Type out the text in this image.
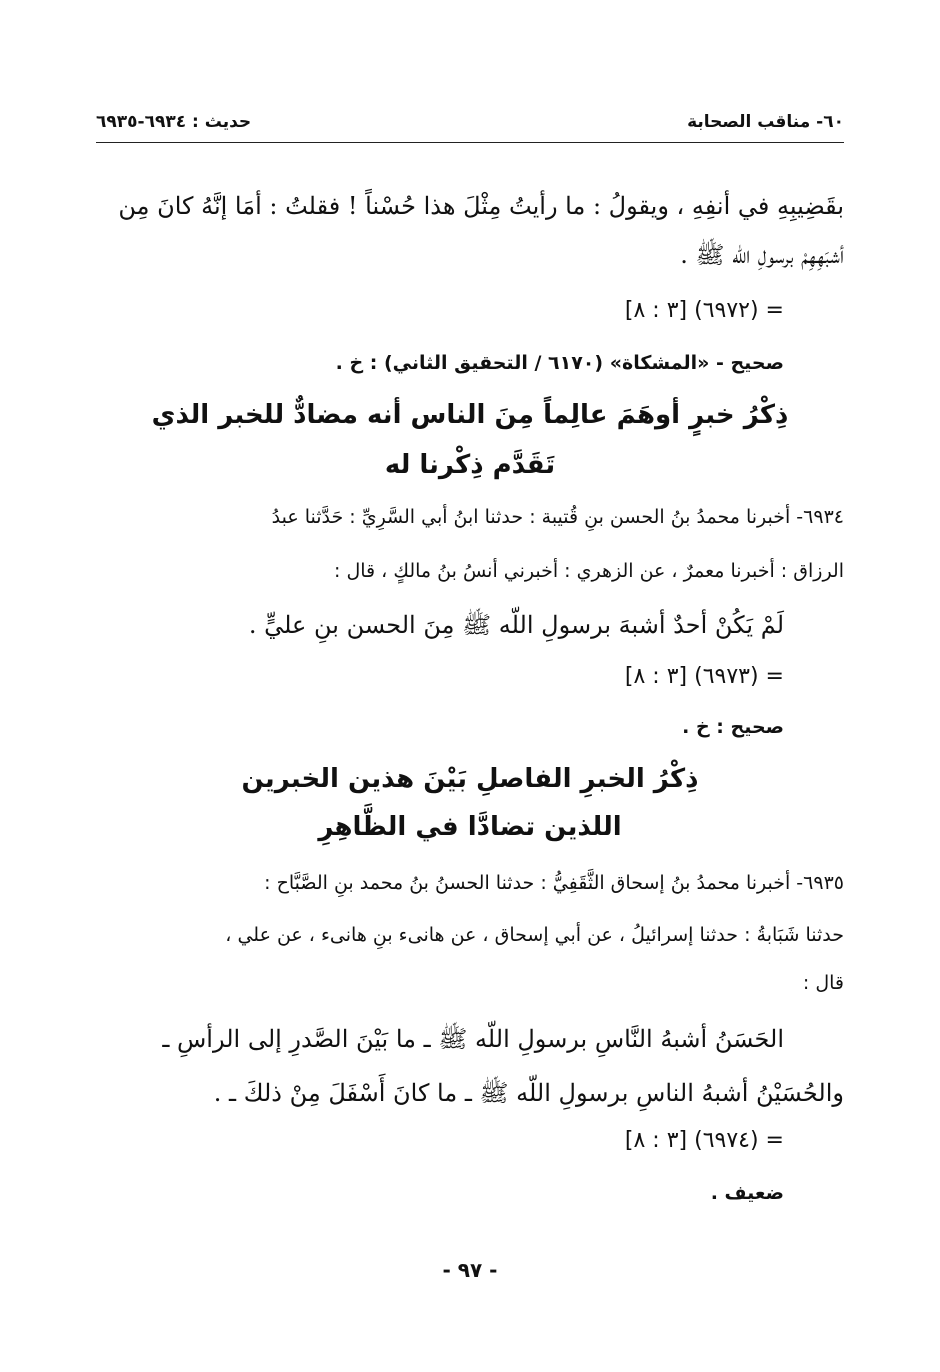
٦٠- مناقب الصحابة
حديث : ٦٩٣٤-٦٩٣٥
بقَضِيبِهِ في أنفِهِ ، ويقولُ : ما رأيتُ مِثْلَ هذا حُسْناً ! فقلتُ : أمَا إنَّهُ كانَ مِن
أشبَهِهِمْ برسولِ اللّه ﷺ .
= (٦٩٧٢) [٣ : ٨]
صحيح - «المشكاة» (٦١٧٠ / التحقيق الثاني) : خ .
ذِكْرُ خبرٍ أوهَمَ عالِماً مِنَ الناس أنه مضادٌّ للخبر الذي
تَقَدَّم ذِكْرنا له
٦٩٣٤- أخبرنا محمدُ بنُ الحسن بنِ قُتيبة : حدثنا ابنُ أبي السَّرِيِّ : حَدَّثنا عبدُ
الرزاق : أخبرنا معمرٌ ، عن الزهري : أخبرني أنسُ بنُ مالكٍ ، قال :
لَمْ يَكُنْ أحدٌ أشبهَ برسولِ اللّه ﷺ مِنَ الحسن بنِ عليٍّ .
= (٦٩٧٣) [٣ : ٨]
صحيح : خ .
ذِكْرُ الخبرِ الفاصلِ بَيْنَ هذين الخبرين
اللذين تضادَّا في الظَّاهِرِ
٦٩٣٥- أخبرنا محمدُ بنُ إسحاق الثَّقَفِيُّ : حدثنا الحسنُ بنُ محمد بنِ الصَّبَّاح :
حدثنا شَبَابةُ : حدثنا إسرائيلُ ، عن أبي إسحاق ، عن هانىء بنِ هانىء ، عن علي ،
قال :
الحَسَنُ أشبهُ النَّاسِ برسولِ اللّه ﷺ ـ ما بَيْنَ الصَّدرِ إلى الرأسِ ـ
والحُسَيْنُ أشبهُ الناسِ برسولِ اللّه ﷺ ـ ما كانَ أَسْفَلَ مِنْ ذلكَ ـ .
= (٦٩٧٤) [٣ : ٨]
ضعيف .
- ٩٧ -
